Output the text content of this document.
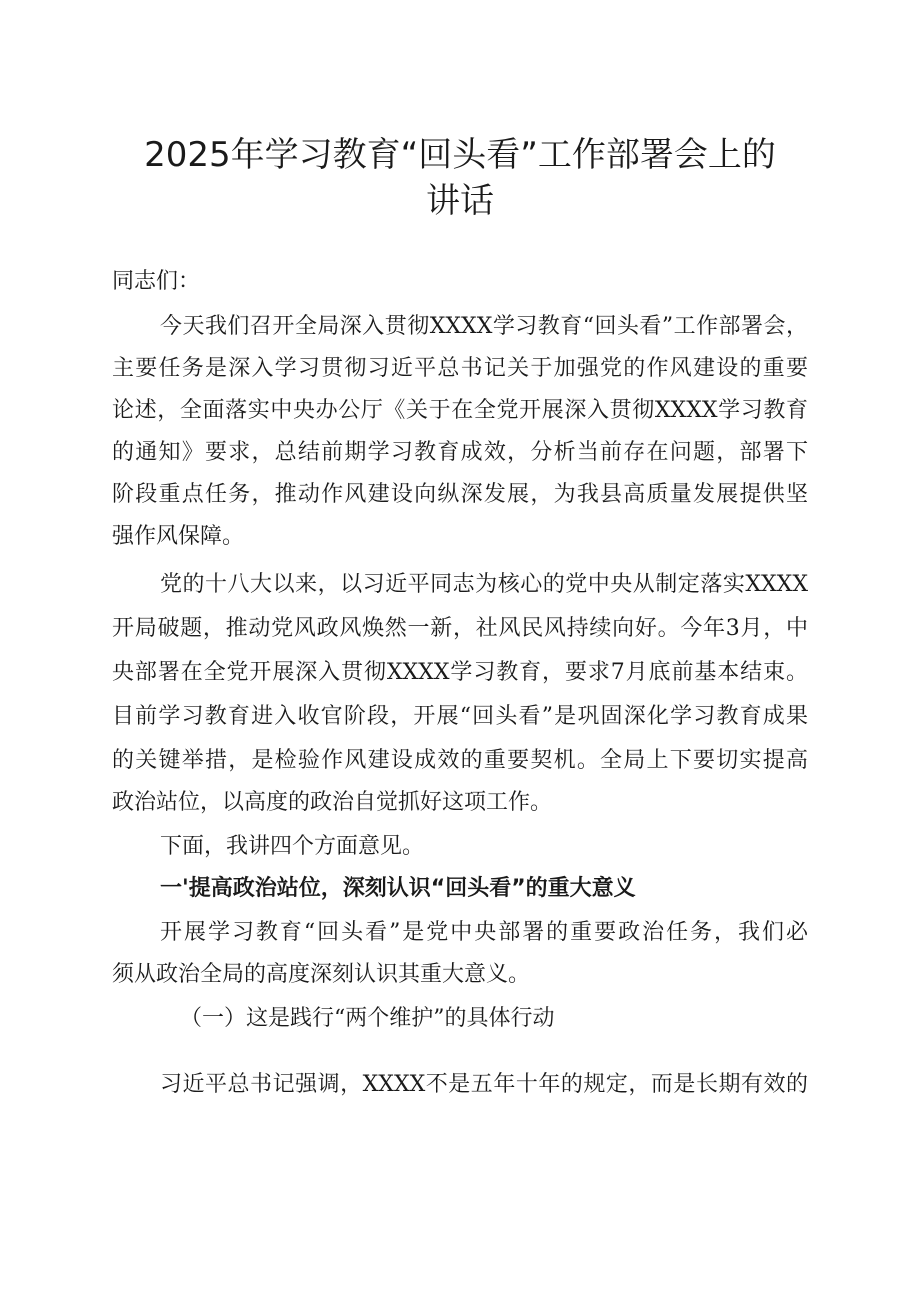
2025年学习教育“回头看”工作部署会上的
讲话

同志们：

今天我们召开全局深入贯彻XXXX学习教育“回头看”工作部署会，

主要任务是深入学习贯彻习近平总书记关于加强党的作风建设的重要

论述，全面落实中央办公厅《关于在全党开展深入贯彻XXXX学习教育

的通知》要求，总结前期学习教育成效，分析当前存在问题，部署下

阶段重点任务，推动作风建设向纵深发展，为我县高质量发展提供坚

强作风保障。

党的十八大以来，以习近平同志为核心的党中央从制定落实XXXX

开局破题，推动党风政风焕然一新，社风民风持续向好。今年3月，中

央部署在全党开展深入贯彻XXXX学习教育，要求7月底前基本结束。

目前学习教育进入收官阶段，开展“回头看”是巩固深化学习教育成果

的关键举措，是检验作风建设成效的重要契机。全局上下要切实提高

政治站位，以高度的政治自觉抓好这项工作。

下面，我讲四个方面意见。

一'提高政治站位，深刻认识“回头看”的重大意义

开展学习教育“回头看”是党中央部署的重要政治任务，我们必

须从政治全局的高度深刻认识其重大意义。

（一）这是践行“两个维护”的具体行动

习近平总书记强调，XXXX不是五年十年的规定，而是长期有效的
